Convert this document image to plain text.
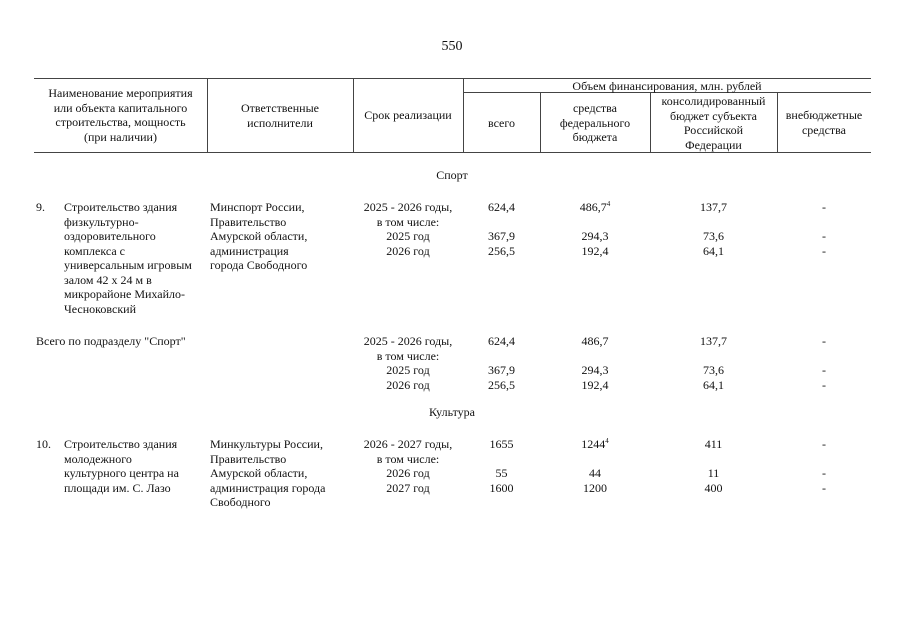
550
Наименование мероприятия
или объекта капитального
строительства, мощность
(при наличии)
Ответственные
исполнители
Срок реализации
Объем финансирования, млн. рублей
всего
средства
федерального
бюджета
консолидированный
бюджет субъекта
Российской
Федерации
внебюджетные
средства
Спорт
9. Строительство здания
физкультурно-
оздоровительного
комплекса с
универсальным игровым
залом 42 х 24 м в
микрорайоне Михайло-
Чесноковский
Минспорт России,
Правительство
Амурской области,
администрация
города Свободного
2025 - 2026 годы,
в том числе:
2025 год
2026 год
624,4

367,9
256,5
486,7$^4$

294,3
192,4
137,7

73,6
64,1
-

-
-
Всего по подразделу "Спорт"	2025 - 2026 годы,
в том числе:
2025 год
2026 год
624,4

367,9
256,5
486,7

294,3
192,4
137,7

73,6
64,1
-

-
-
Культура
10. Строительство здания
молодежного
культурного центра на
площади им. С. Лазо
Минкультуры России,
Правительство
Амурской области,
администрация города
Свободного
2026 - 2027 годы,
в том числе:
2026 год
2027 год
1655

55
1600
1244$^4$

44
1200
411

11
400
-

-
-
